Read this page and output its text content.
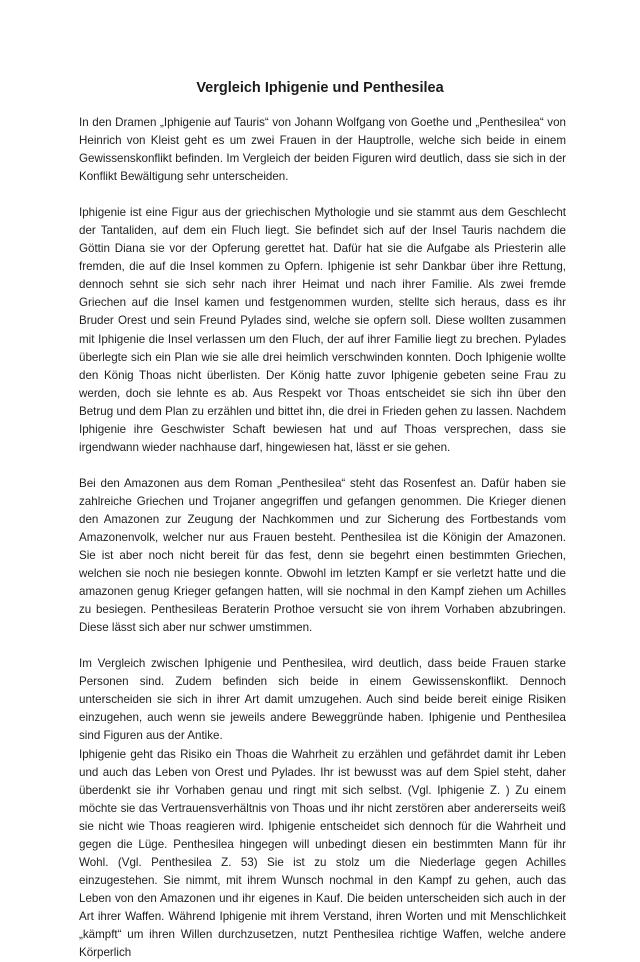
Vergleich Iphigenie und Penthesilea

In den Dramen „Iphigenie auf Tauris“ von Johann Wolfgang von Goethe und „Penthesilea“ von Heinrich von Kleist geht es um zwei Frauen in der Hauptrolle, welche sich beide in einem Gewissenskonflikt befinden. Im Vergleich der beiden Figuren wird deutlich, dass sie sich in der Konflikt Bewältigung sehr unterscheiden.

Iphigenie ist eine Figur aus der griechischen Mythologie und sie stammt aus dem Geschlecht der Tantaliden, auf dem ein Fluch liegt. Sie befindet sich auf der Insel Tauris nachdem die Göttin Diana sie vor der Opferung gerettet hat. Dafür hat sie die Aufgabe als Priesterin alle fremden, die auf die Insel kommen zu Opfern. Iphigenie ist sehr Dankbar über ihre Rettung, dennoch sehnt sie sich sehr nach ihrer Heimat und nach ihrer Familie. Als zwei fremde Griechen auf die Insel kamen und festgenommen wurden, stellte sich heraus, dass es ihr Bruder Orest und sein Freund Pylades sind, welche sie opfern soll. Diese wollten zusammen mit Iphigenie die Insel verlassen um den Fluch, der auf ihrer Familie liegt zu brechen. Pylades überlegte sich ein Plan wie sie alle drei heimlich verschwinden konnten. Doch Iphigenie wollte den König Thoas nicht überlisten. Der König hatte zuvor Iphigenie gebeten seine Frau zu werden, doch sie lehnte es ab. Aus Respekt vor Thoas entscheidet sie sich ihn über den Betrug und dem Plan zu erzählen und bittet ihn, die drei in Frieden gehen zu lassen. Nachdem Iphigenie ihre Geschwister Schaft bewiesen hat und auf Thoas versprechen, dass sie irgendwann wieder nachhause darf, hingewiesen hat, lässt er sie gehen.

Bei den Amazonen aus dem Roman „Penthesilea“ steht das Rosenfest an. Dafür haben sie zahlreiche Griechen und Trojaner angegriffen und gefangen genommen. Die Krieger dienen den Amazonen zur Zeugung der Nachkommen und zur Sicherung des Fortbestands vom Amazonenvolk, welcher nur aus Frauen besteht. Penthesilea ist die Königin der Amazonen. Sie ist aber noch nicht bereit für das fest, denn sie begehrt einen bestimmten Griechen, welchen sie noch nie besiegen konnte. Obwohl im letzten Kampf er sie verletzt hatte und die amazonen genug Krieger gefangen hatten, will sie nochmal in den Kampf ziehen um Achilles zu besiegen. Penthesileas Beraterin Prothoe versucht sie von ihrem Vorhaben abzubringen. Diese lässt sich aber nur schwer umstimmen.

Im Vergleich zwischen Iphigenie und Penthesilea, wird deutlich, dass beide Frauen starke Personen sind. Zudem befinden sich beide in einem Gewissenskonflikt. Dennoch unterscheiden sie sich in ihrer Art damit umzugehen. Auch sind beide bereit einige Risiken einzugehen, auch wenn sie jeweils andere Beweggründe haben. Iphigenie und Penthesilea sind Figuren aus der Antike.

Iphigenie geht das Risiko ein Thoas die Wahrheit zu erzählen und gefährdet damit ihr Leben und auch das Leben von Orest und Pylades. Ihr ist bewusst was auf dem Spiel steht, daher überdenkt sie ihr Vorhaben genau und ringt mit sich selbst. (Vgl. Iphigenie Z. ) Zu einem möchte sie das Vertrauensverhältnis von Thoas und ihr nicht zerstören aber andererseits weiß sie nicht wie Thoas reagieren wird. Iphigenie entscheidet sich dennoch für die Wahrheit und gegen die Lüge. Penthesilea hingegen will unbedingt diesen ein bestimmten Mann für ihr Wohl. (Vgl. Penthesilea Z. 53) Sie ist zu stolz um die Niederlage gegen Achilles einzugestehen. Sie nimmt, mit ihrem Wunsch nochmal in den Kampf zu gehen, auch das Leben von den Amazonen und ihr eigenes in Kauf. Die beiden unterscheiden sich auch in der Art ihrer Waffen. Während Iphigenie mit ihrem Verstand, ihren Worten und mit Menschlichkeit „kämpft“ um ihren Willen durchzusetzen, nutzt Penthesilea richtige Waffen, welche andere Körperlich
